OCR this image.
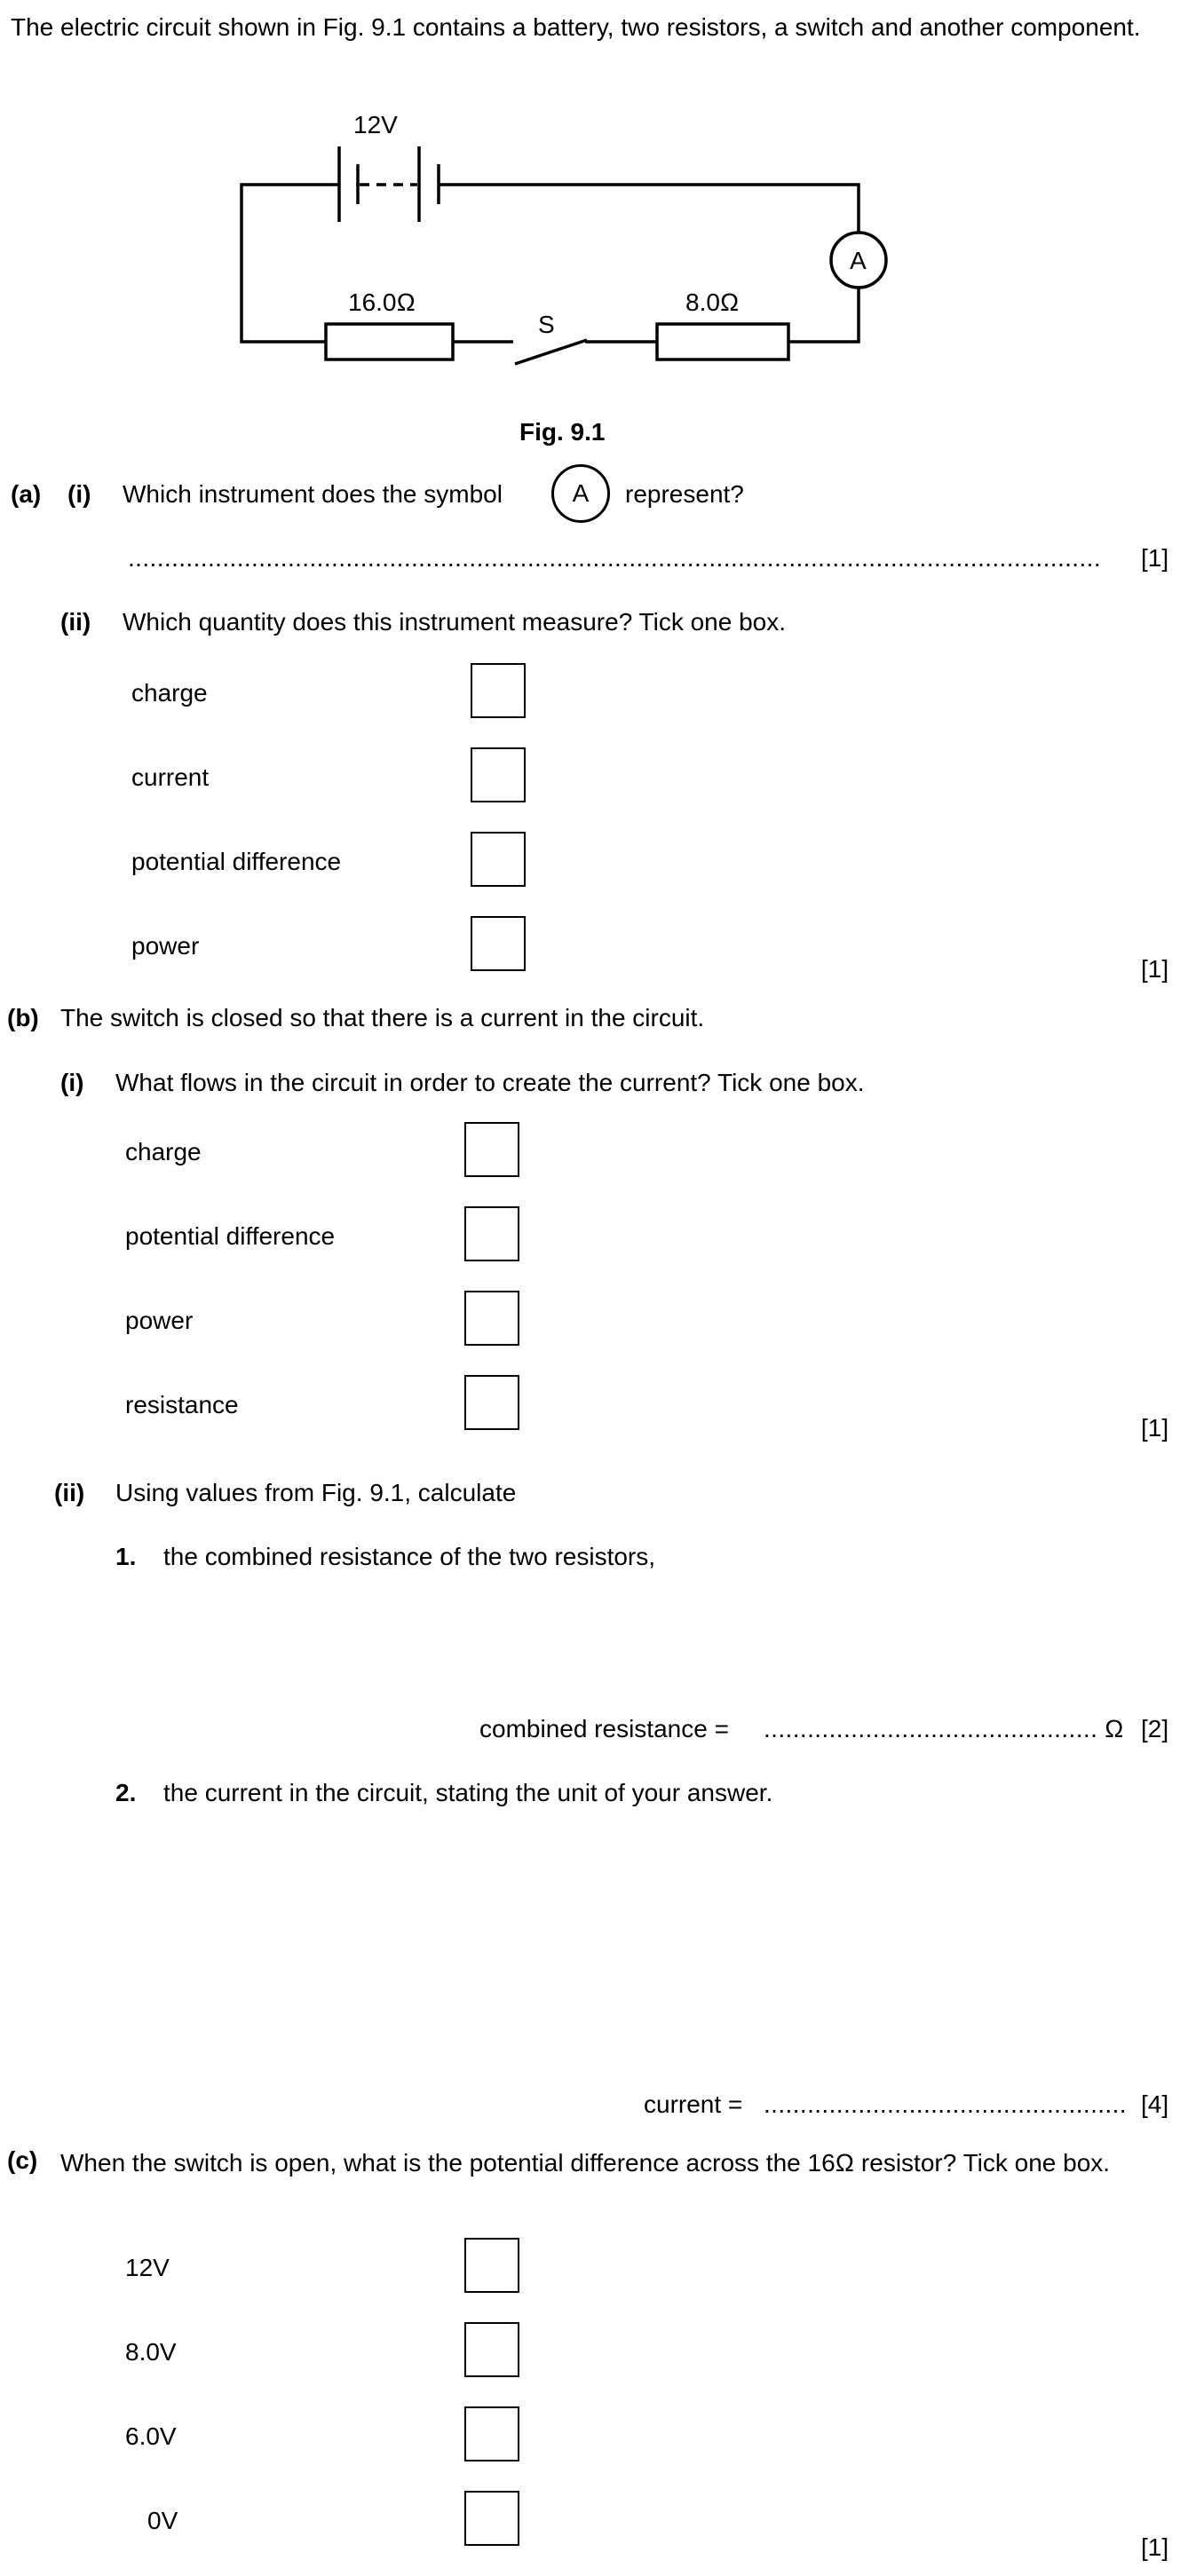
The electric circuit shown in Fig. 9.1 contains a battery, two resistors, a switch and another component.
12V
A
16.0Ω
S
8.0Ω
Fig. 9.1
(a) (i) Which instrument does the symbol	A	represent?
......................................................................................................................................	[1]
(ii) Which quantity does this instrument measure? Tick one box.
charge
current
potential difference
power
[1]
(b) The switch is closed so that there is a current in the circuit.
(i) What flows in the circuit in order to create the current? Tick one box.
charge
potential difference
power
resistance
[1]
(ii) Using values from Fig. 9.1, calculate
1. the combined resistance of the two resistors,
combined resistance = .............................................. Ω [2]
2. the current in the circuit, stating the unit of your answer.
current = .................................................. [4]
(c) When the switch is open, what is the potential difference across the 16Ω resistor? Tick one box.
12V
8.0V
6.0V
0V
[1]
